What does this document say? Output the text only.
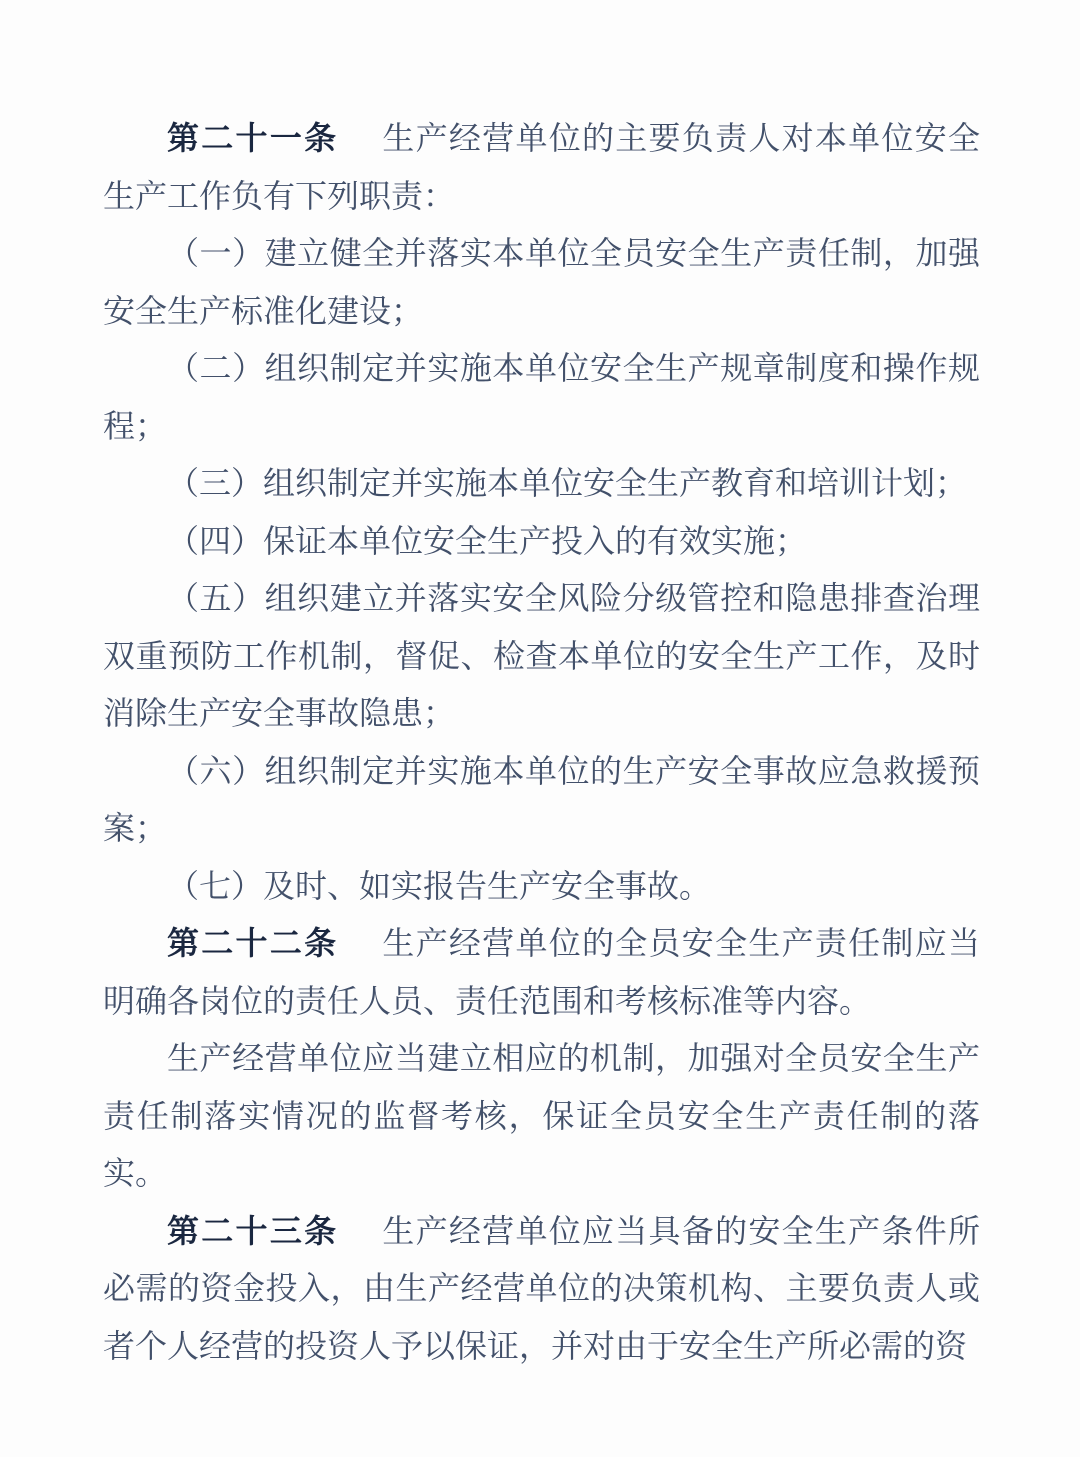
第二十一条 生产经营单位的主要负责人对本单位安全生产工作负有下列职责：

（一）建立健全并落实本单位全员安全生产责任制，加强安全生产标准化建设；

（二）组织制定并实施本单位安全生产规章制度和操作规程；

（三）组织制定并实施本单位安全生产教育和培训计划；

（四）保证本单位安全生产投入的有效实施；

（五）组织建立并落实安全风险分级管控和隐患排查治理双重预防工作机制，督促、检查本单位的安全生产工作，及时消除生产安全事故隐患；

（六）组织制定并实施本单位的生产安全事故应急救援预案；

（七）及时、如实报告生产安全事故。

第二十二条 生产经营单位的全员安全生产责任制应当明确各岗位的责任人员、责任范围和考核标准等内容。

生产经营单位应当建立相应的机制，加强对全员安全生产责任制落实情况的监督考核，保证全员安全生产责任制的落实。

第二十三条 生产经营单位应当具备的安全生产条件所必需的资金投入，由生产经营单位的决策机构、主要负责人或者个人经营的投资人予以保证，并对由于安全生产所必需的资
